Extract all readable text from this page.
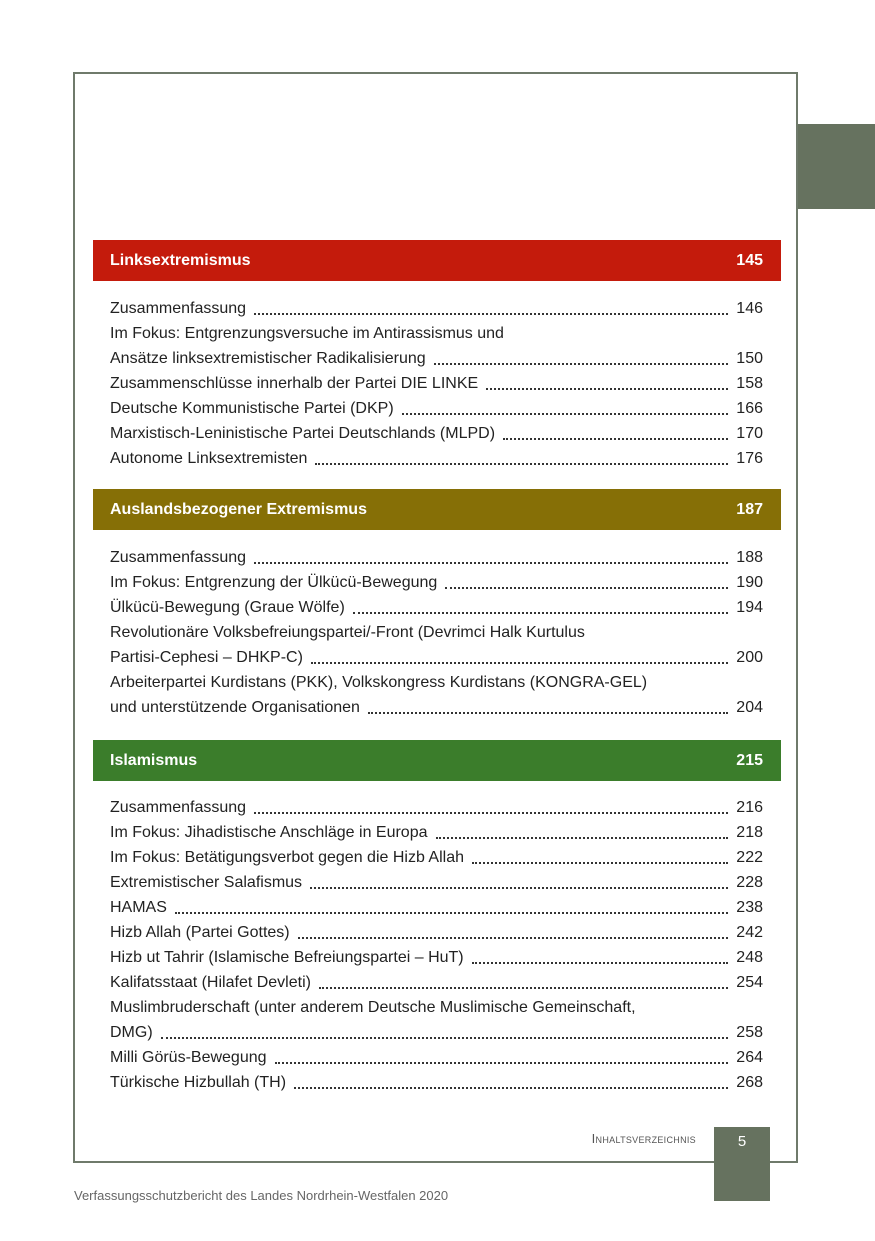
Linksextremismus	145
Zusammenfassung	146
Im Fokus: Entgrenzungsversuche im Antirassismus und
Ansätze linksextremistischer Radikalisierung	150
Zusammenschlüsse innerhalb der Partei DIE LINKE	158
Deutsche Kommunistische Partei (DKP)	166
Marxistisch-Leninistische Partei Deutschlands (MLPD)	170
Autonome Linksextremisten	176
Auslandsbezogener Extremismus	187
Zusammenfassung	188
Im Fokus: Entgrenzung der Ülkücü-Bewegung	190
Ülkücü-Bewegung (Graue Wölfe)	194
Revolutionäre Volksbefreiungspartei/-Front (Devrimci Halk Kurtulus
Partisi-Cephesi – DHKP-C)	200
Arbeiterpartei Kurdistans (PKK), Volkskongress Kurdistans (KONGRA-GEL)
und unterstützende Organisationen	204
Islamismus	215
Zusammenfassung	216
Im Fokus: Jihadistische Anschläge in Europa	218
Im Fokus: Betätigungsverbot gegen die Hizb Allah	222
Extremistischer Salafismus	228
HAMAS	238
Hizb Allah (Partei Gottes)	242
Hizb ut Tahrir (Islamische Befreiungspartei – HuT)	248
Kalifatsstaat (Hilafet Devleti)	254
Muslimbruderschaft (unter anderem Deutsche Muslimische Gemeinschaft,
DMG)	258
Milli Görüs-Bewegung	264
Türkische Hizbullah (TH)	268
Inhaltsverzeichnis	5
Verfassungsschutzbericht des Landes Nordrhein-Westfalen 2020
